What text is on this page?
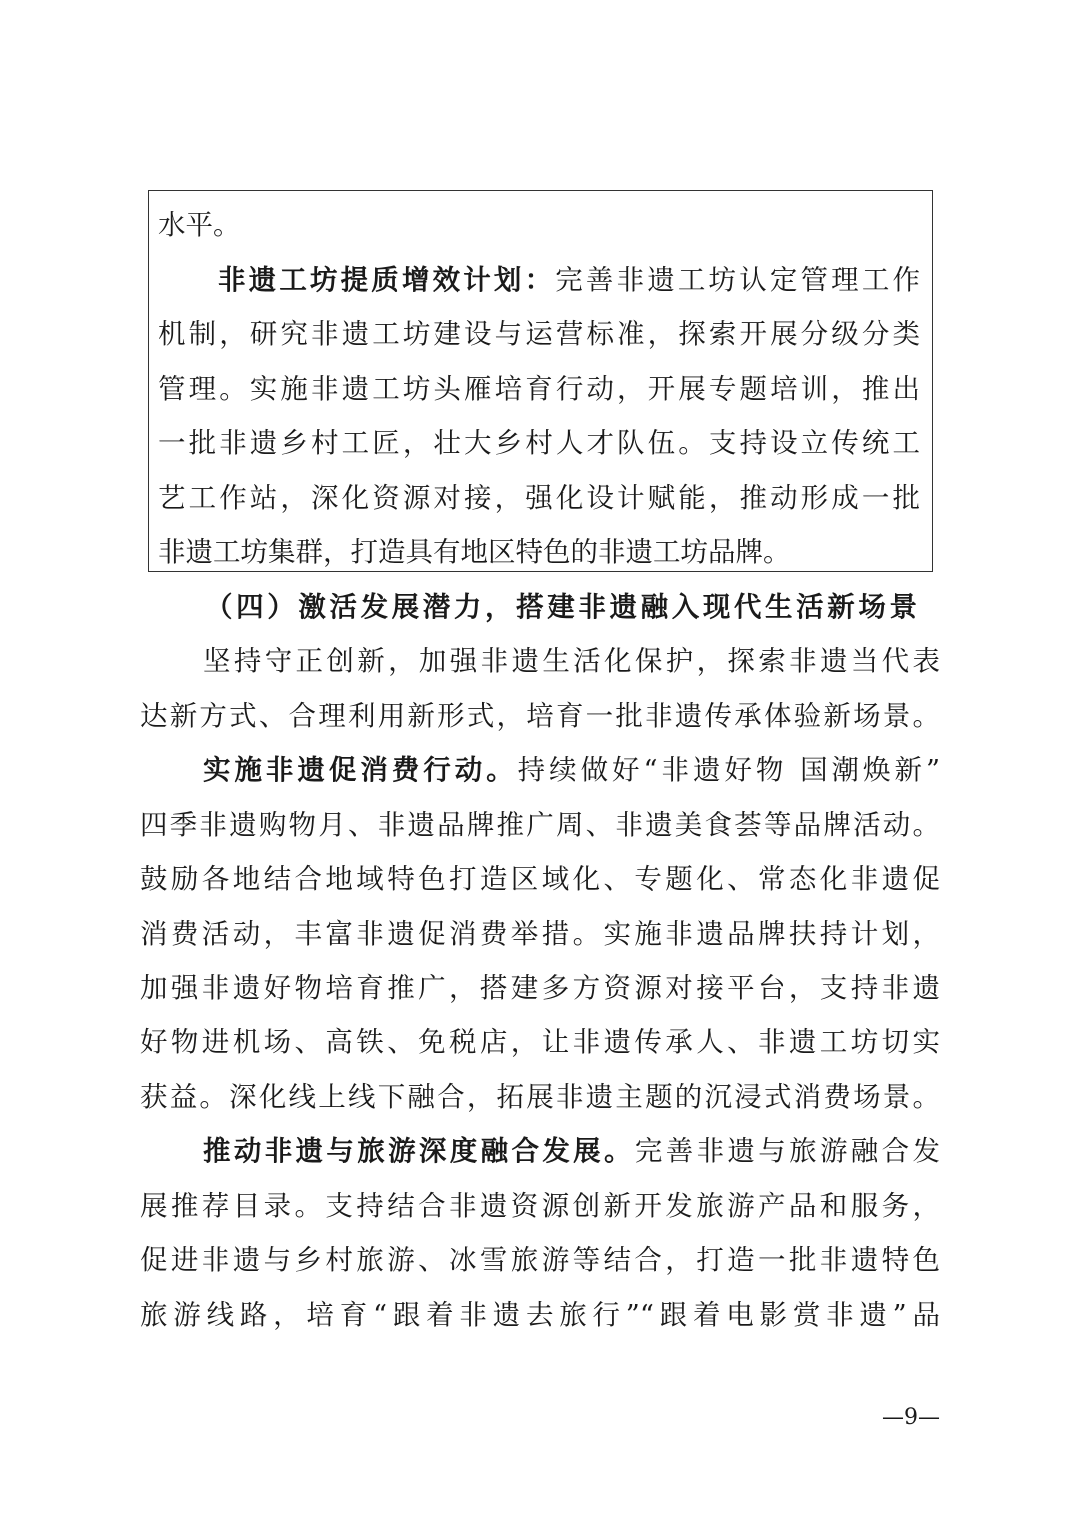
水平。
非遗工坊提质增效计划：完善非遗工坊认定管理工作
机制，研究非遗工坊建设与运营标准，探索开展分级分类
管理。实施非遗工坊头雁培育行动，开展专题培训，推出
一批非遗乡村工匠，壮大乡村人才队伍。支持设立传统工
艺工作站，深化资源对接，强化设计赋能，推动形成一批
非遗工坊集群，打造具有地区特色的非遗工坊品牌。
（四）激活发展潜力，搭建非遗融入现代生活新场景
坚持守正创新，加强非遗生活化保护，探索非遗当代表
达新方式、合理利用新形式，培育一批非遗传承体验新场景。
实施非遗促消费行动。持续做好“非遗好物 国潮焕新”
四季非遗购物月、非遗品牌推广周、非遗美食荟等品牌活动。
鼓励各地结合地域特色打造区域化、专题化、常态化非遗促
消费活动，丰富非遗促消费举措。实施非遗品牌扶持计划，
加强非遗好物培育推广，搭建多方资源对接平台，支持非遗
好物进机场、高铁、免税店，让非遗传承人、非遗工坊切实
获益。深化线上线下融合，拓展非遗主题的沉浸式消费场景。
推动非遗与旅游深度融合发展。完善非遗与旅游融合发
展推荐目录。支持结合非遗资源创新开发旅游产品和服务，
促进非遗与乡村旅游、冰雪旅游等结合，打造一批非遗特色
旅游线路，培育“跟着非遗去旅行”“跟着电影赏非遗”品
—9—
